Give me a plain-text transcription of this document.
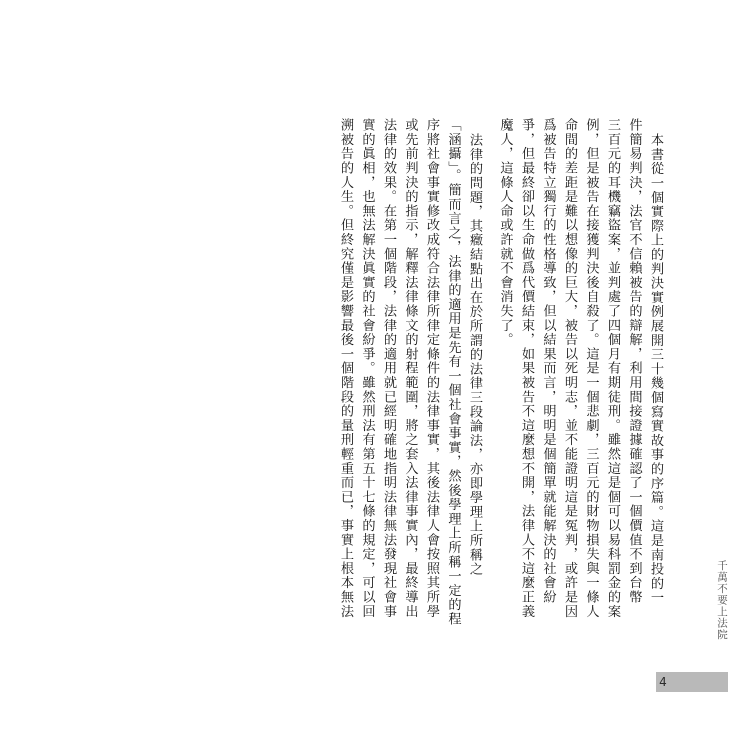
本書從一個實際上的判決實例展開三十幾個寫實故事的序篇。這是南投的一
件簡易判決，法官不信賴被告的辯解，利用間接證據確認了一個價值不到台幣
三百元的耳機竊盜案，並判處了四個月有期徒刑。雖然這是個可以易科罰金的案
例，但是被告在接獲判決後自殺了。這是一個悲劇，三百元的財物損失與一條人
命間的差距是難以想像的巨大，被告以死明志，並不能證明這是冤判，或許是因
爲被告特立獨行的性格導致，但以結果而言，明明是個簡單就能解決的社會紛
爭，但最終卻以生命做爲代價結束，如果被告不這麼想不開，法律人不這麼正義
魔人，這條人命或許就不會消失了。
法律的問題，其癥結點出在於所謂的法律三段論法，亦即學理上所稱之
「涵攝」。簡而言之，法律的適用是先有一個社會事實，然後學理上所稱一定的程
序將社會事實修改成符合法律所律定條件的法律事實，其後法律人會按照其所學
或先前判決的指示，解釋法律條文的射程範圍，將之套入法律事實內，最終導出
法律的效果。在第一個階段，法律的適用就已經明確地指明法律無法發現社會事
實的眞相，也無法解決眞實的社會紛爭。雖然刑法有第五十七條的規定，可以回
溯被告的人生。但終究僅是影響最後一個階段的量刑輕重而已，事實上根本無法	千萬不要上法院
4
